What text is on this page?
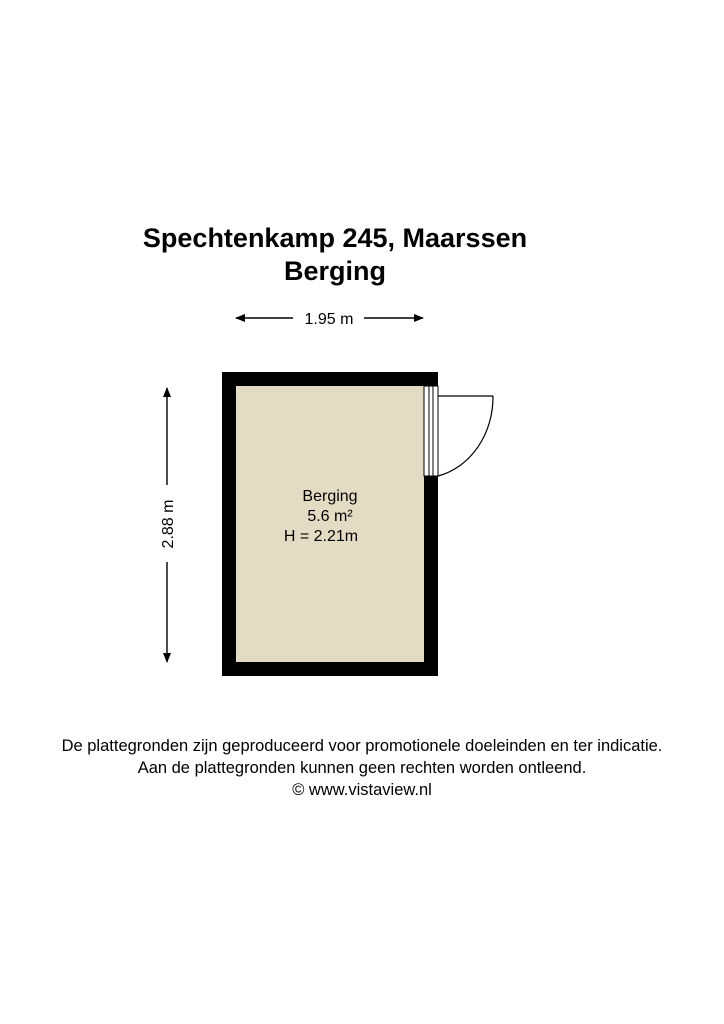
Spechtenkamp 245, Maarssen
Berging
1.95 m
2.88 m
Berging
5.6 m²
H = 2.21m
De plattegronden zijn geproduceerd voor promotionele doeleinden en ter indicatie.
Aan de plattegronden kunnen geen rechten worden ontleend.
© www.vistaview.nl
